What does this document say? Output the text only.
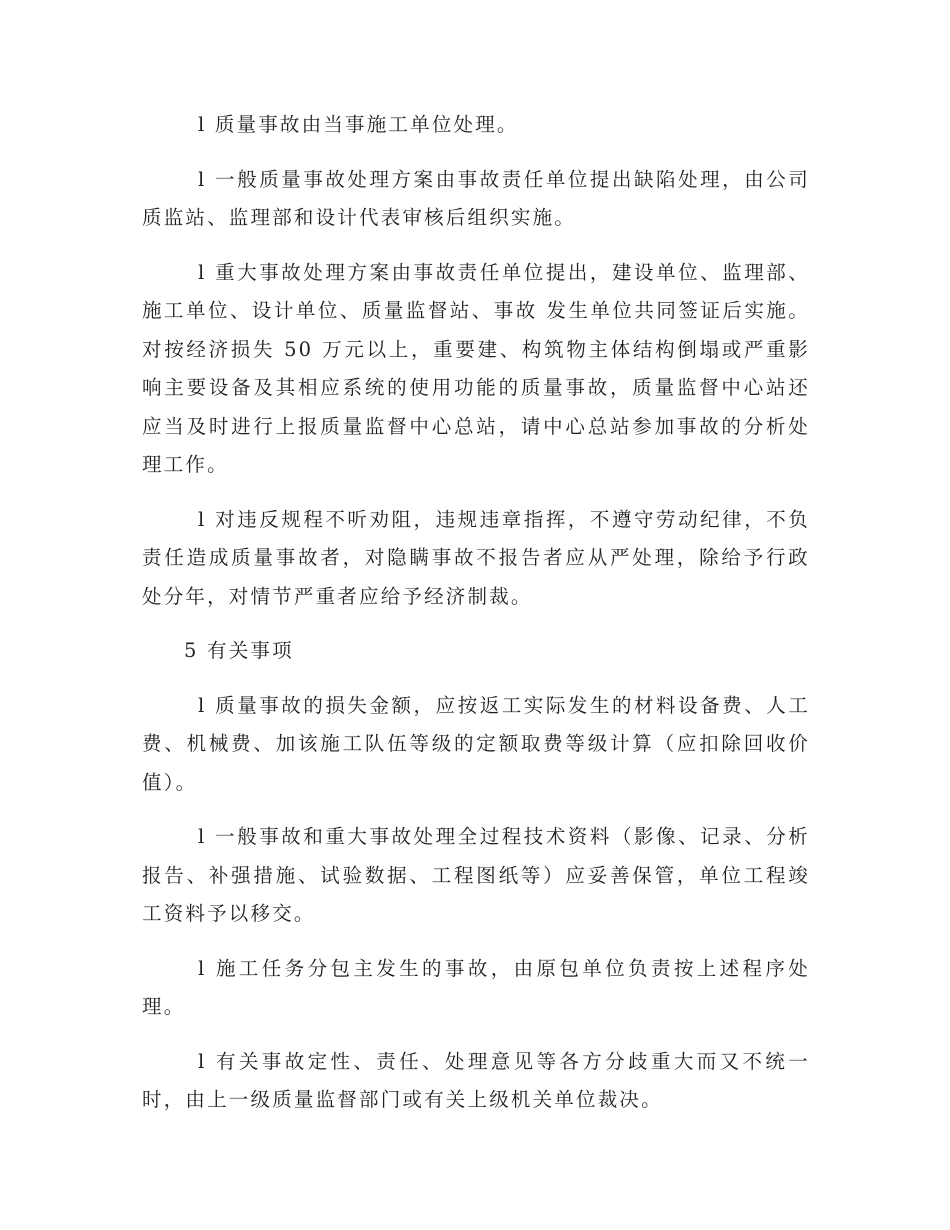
l 质量事故由当事施工单位处理。

l 一般质量事故处理方案由事故责任单位提出缺陷处理，由公司质监站、监理部和设计代表审核后组织实施。

l 重大事故处理方案由事故责任单位提出，建设单位、监理部、施工单位、设计单位、质量监督站、事故 发生单位共同签证后实施。对按经济损失 50 万元以上，重要建、构筑物主体结构倒塌或严重影响主要设备及其相应系统的使用功能的质量事故，质量监督中心站还应当及时进行上报质量监督中心总站，请中心总站参加事故的分析处理工作。

l 对违反规程不听劝阻，违规违章指挥，不遵守劳动纪律，不负责任造成质量事故者，对隐瞒事故不报告者应从严处理，除给予行政处分年，对情节严重者应给予经济制裁。

5 有关事项

l 质量事故的损失金额，应按返工实际发生的材料设备费、人工费、机械费、加该施工队伍等级的定额取费等级计算（应扣除回收价值）。

l 一般事故和重大事故处理全过程技术资料（影像、记录、分析报告、补强措施、试验数据、工程图纸等）应妥善保管，单位工程竣工资料予以移交。

l 施工任务分包主发生的事故，由原包单位负责按上述程序处理。

l 有关事故定性、责任、处理意见等各方分歧重大而又不统一时，由上一级质量监督部门或有关上级机关单位裁决。
